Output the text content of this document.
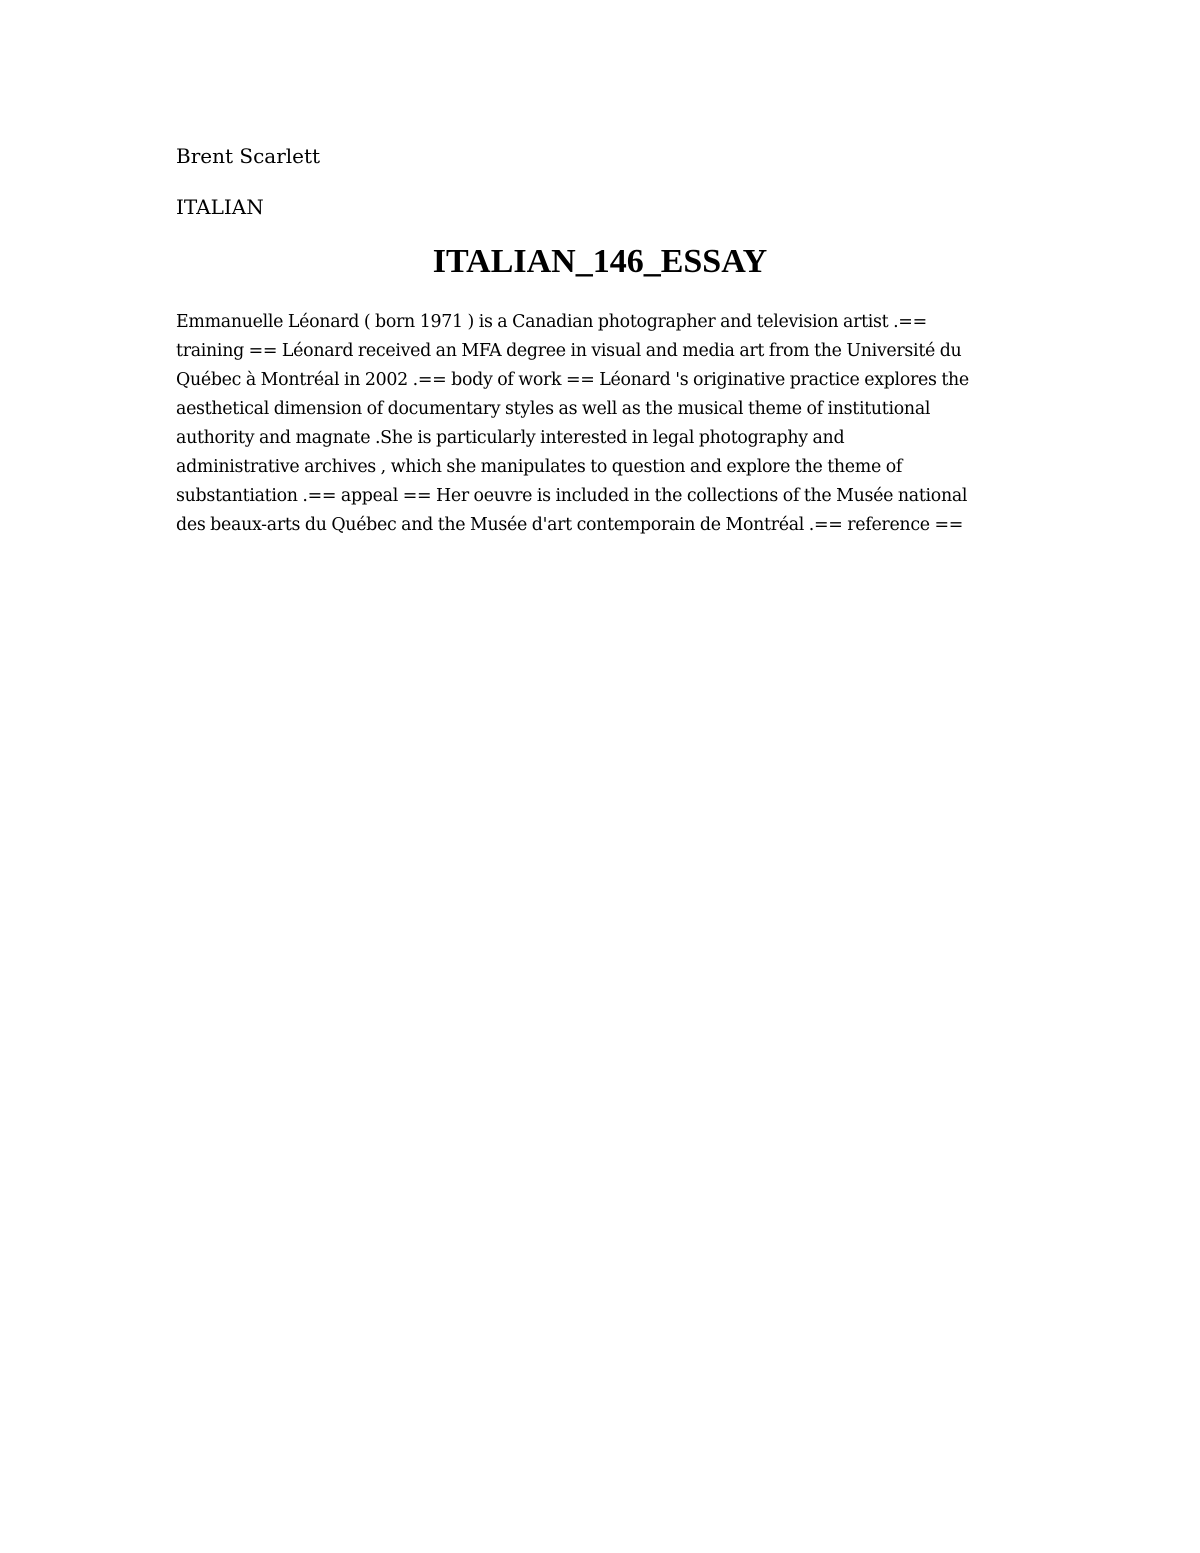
Brent Scarlett
ITALIAN
ITALIAN_146_ESSAY
Emmanuelle Léonard ( born 1971 ) is a Canadian photographer and television artist .==
training == Léonard received an MFA degree in visual and media art from the Université du
Québec à Montréal in 2002 .== body of work == Léonard 's originative practice explores the
aesthetical dimension of documentary styles as well as the musical theme of institutional
authority and magnate .She is particularly interested in legal photography and
administrative archives , which she manipulates to question and explore the theme of
substantiation .== appeal == Her oeuvre is included in the collections of the Musée national
des beaux-arts du Québec and the Musée d'art contemporain de Montréal .== reference ==
